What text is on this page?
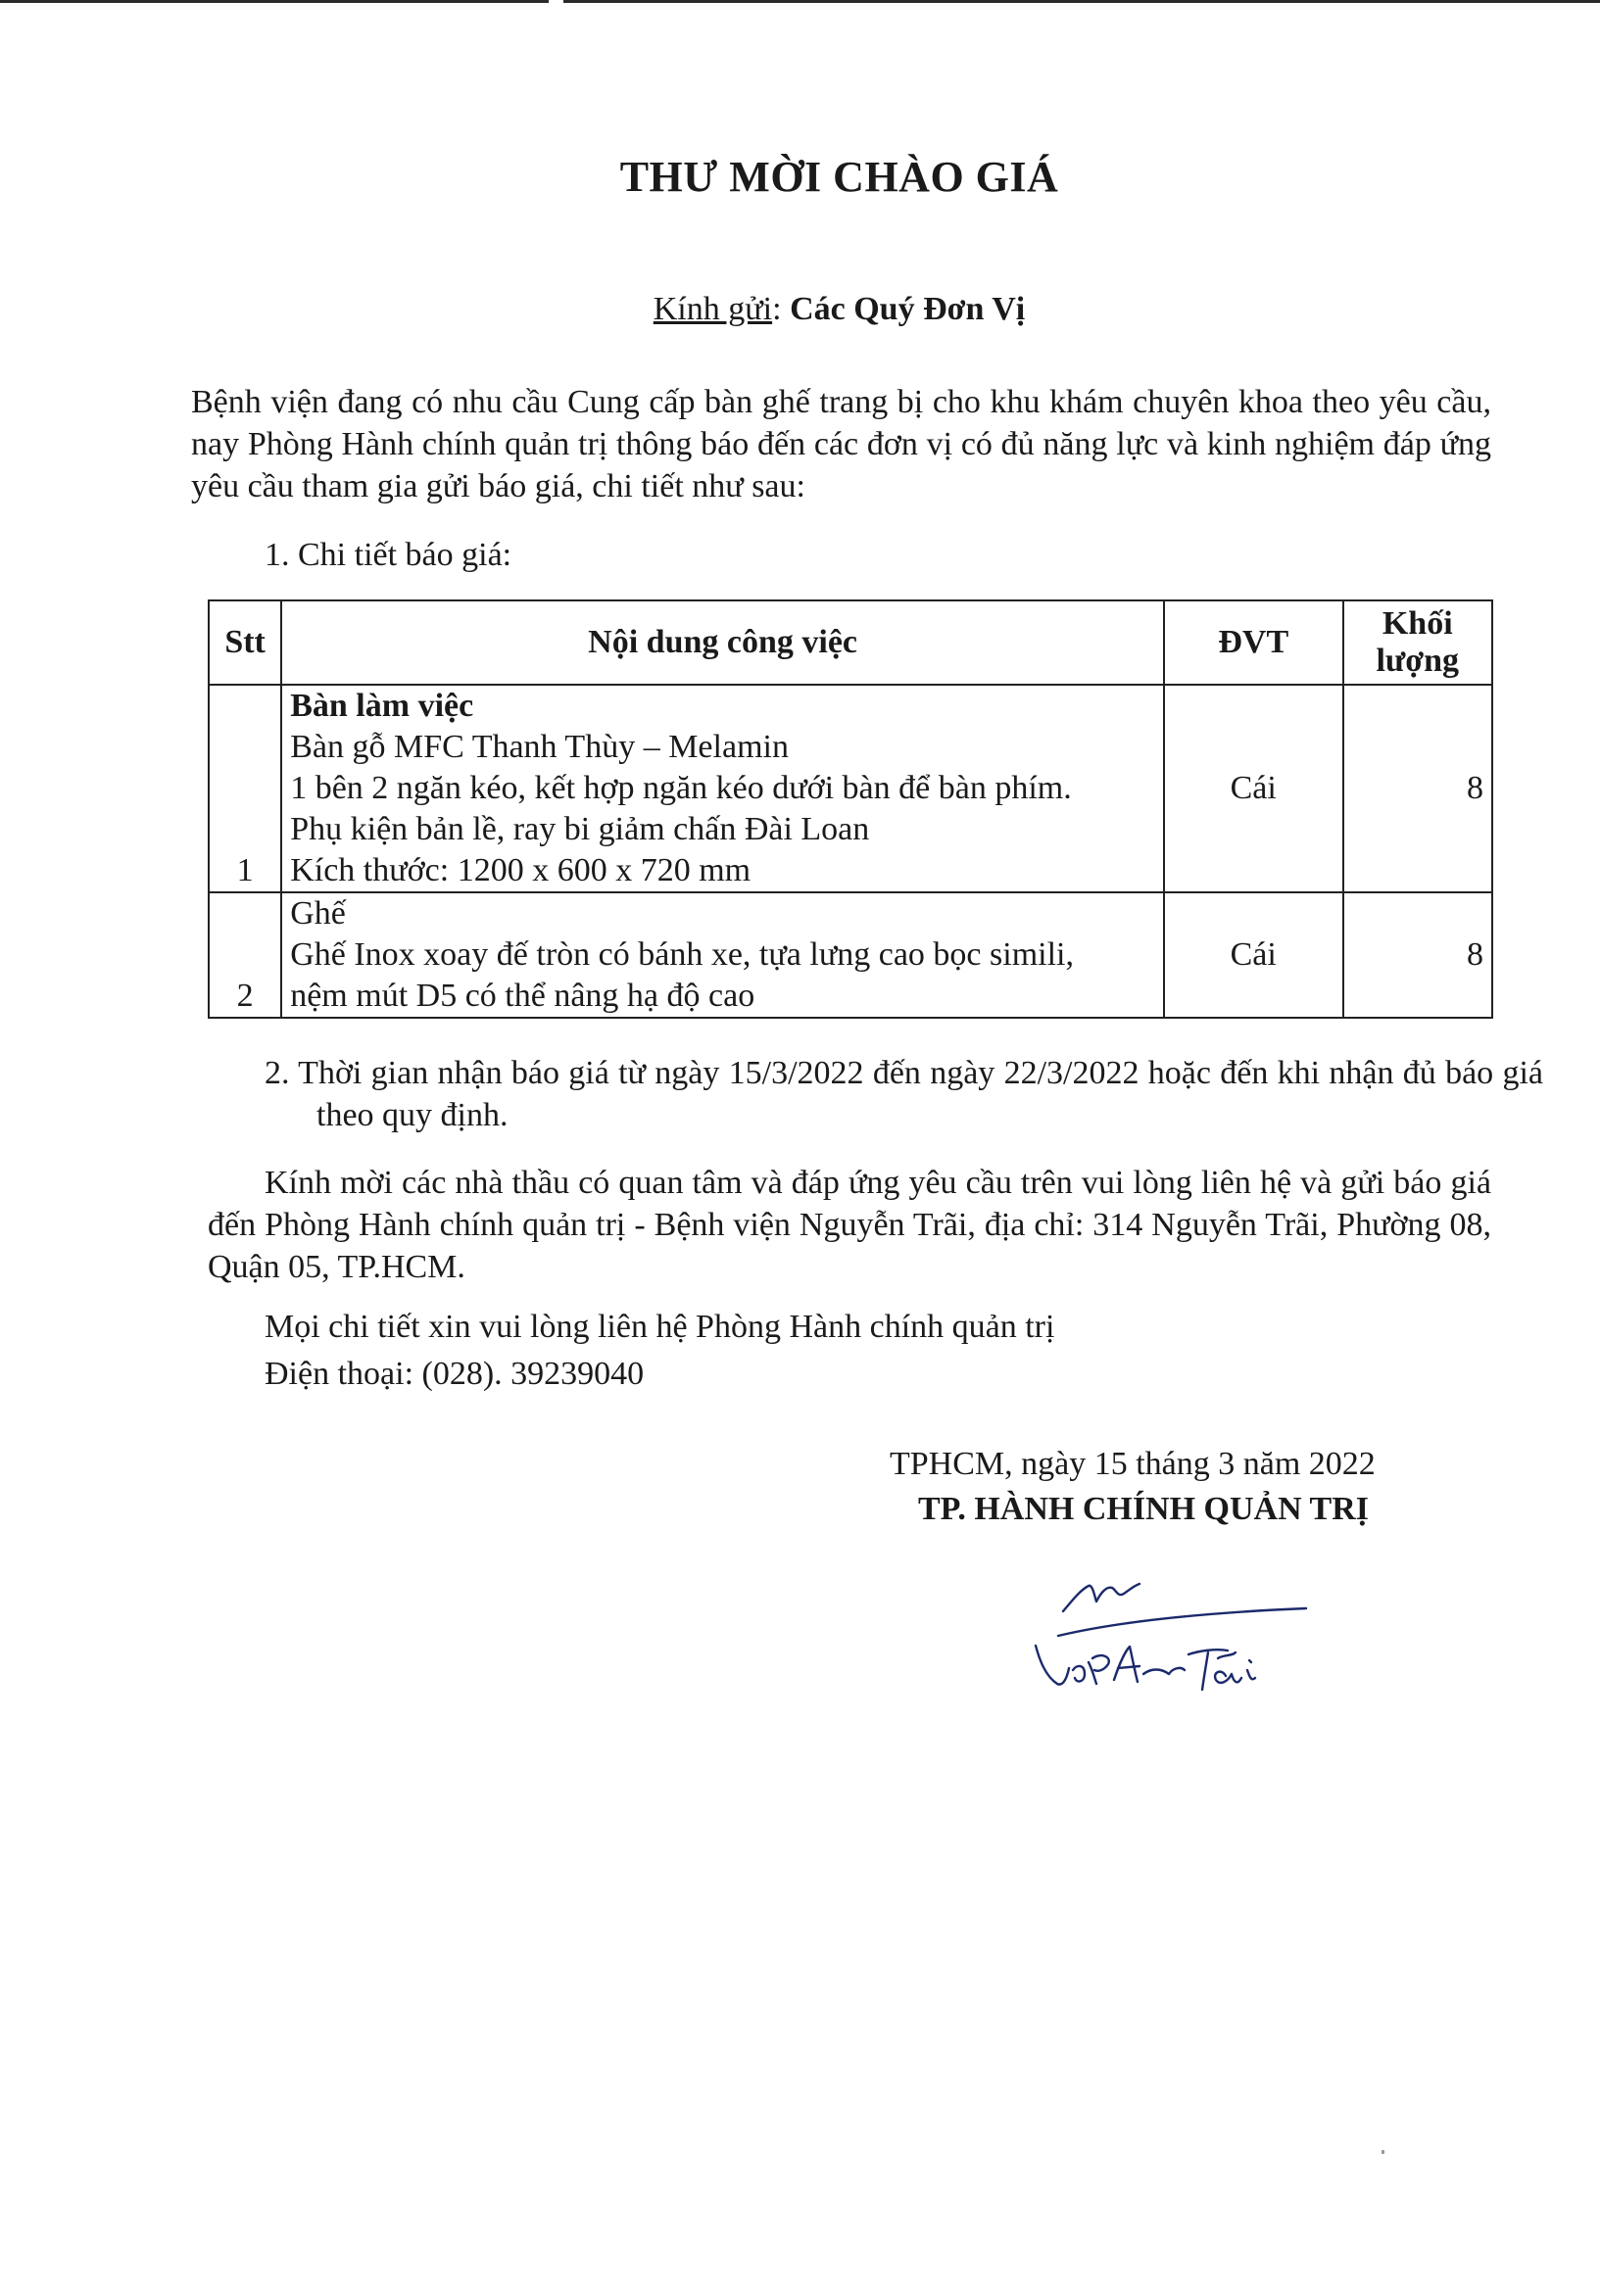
THƯ MỜI CHÀO GIÁ
Kính gửi: Các Quý Đơn Vị
Bệnh viện đang có nhu cầu Cung cấp bàn ghế trang bị cho khu khám chuyên khoa theo yêu cầu, nay Phòng Hành chính quản trị thông báo đến các đơn vị có đủ năng lực và kinh nghiệm đáp ứng yêu cầu tham gia gửi báo giá, chi tiết như sau:
1. Chi tiết báo giá:
Stt	Nội dung công việc	ĐVT	Khối
lượng
1	Bàn làm việc
Bàn gỗ MFC Thanh Thùy – Melamin
1 bên 2 ngăn kéo, kết hợp ngăn kéo dưới bàn để bàn phím.
Phụ kiện bản lề, ray bi giảm chấn Đài Loan
Kích thước: 1200 x 600 x 720 mm	Cái	8
2	Ghế
Ghế Inox xoay đế tròn có bánh xe, tựa lưng cao bọc simili,
nệm mút D5 có thể nâng hạ độ cao	Cái	8
2. Thời gian nhận báo giá từ ngày 15/3/2022 đến ngày 22/3/2022 hoặc đến khi nhận đủ báo giá theo quy định.
Kính mời các nhà thầu có quan tâm và đáp ứng yêu cầu trên vui lòng liên hệ và gửi báo giá đến Phòng Hành chính quản trị - Bệnh viện Nguyễn Trãi, địa chỉ: 314 Nguyễn Trãi, Phường 08, Quận 05, TP.HCM.
Mọi chi tiết xin vui lòng liên hệ Phòng Hành chính quản trị
Điện thoại: (028). 39239040
TPHCM, ngày 15 tháng 3 năm 2022
TP. HÀNH CHÍNH QUẢN TRỊ
